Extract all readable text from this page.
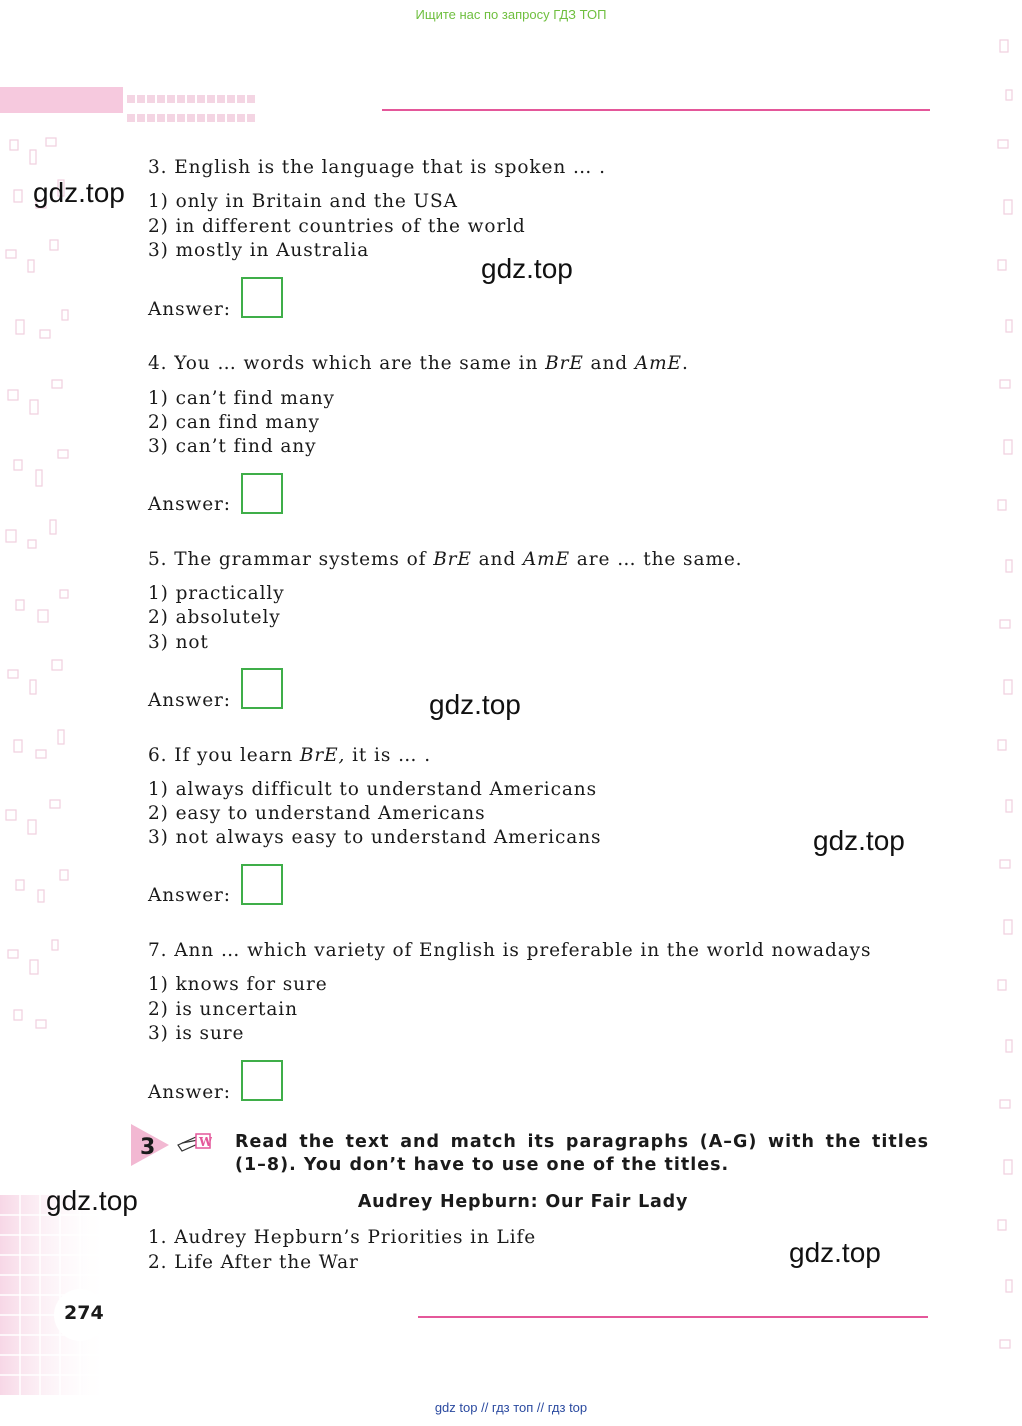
Ищите нас по запросу ГДЗ ТОП

3. English is the language that is spoken … .
1) only in Britain and the USA
2) in different countries of the world
3) mostly in Australia
Answer:
4. You … words which are the same in BrE and AmE.
1) can’t find many
2) can find many
3) can’t find any
Answer:
5. The grammar systems of BrE and AmE are … the same.
1) practically
2) absolutely
3) not
Answer:
6. If you learn BrE, it is … .
1) always difficult to understand Americans
2) easy to understand Americans
3) not always easy to understand Americans
Answer:
7. Ann … which variety of English is preferable in the world nowadays
1) knows for sure
2) is uncertain
3) is sure
Answer:
3	W Read the text and match its paragraphs (A–G) with the titles (1–8). You don’t have to use one of the titles.
Audrey Hepburn: Our Fair Lady
1. Audrey Hepburn’s Priorities in Life
2. Life After the War
274
gdz top // гдз топ // гдз top
gdz.top
gdz.top
gdz.top
gdz.top
gdz.top
gdz.top
